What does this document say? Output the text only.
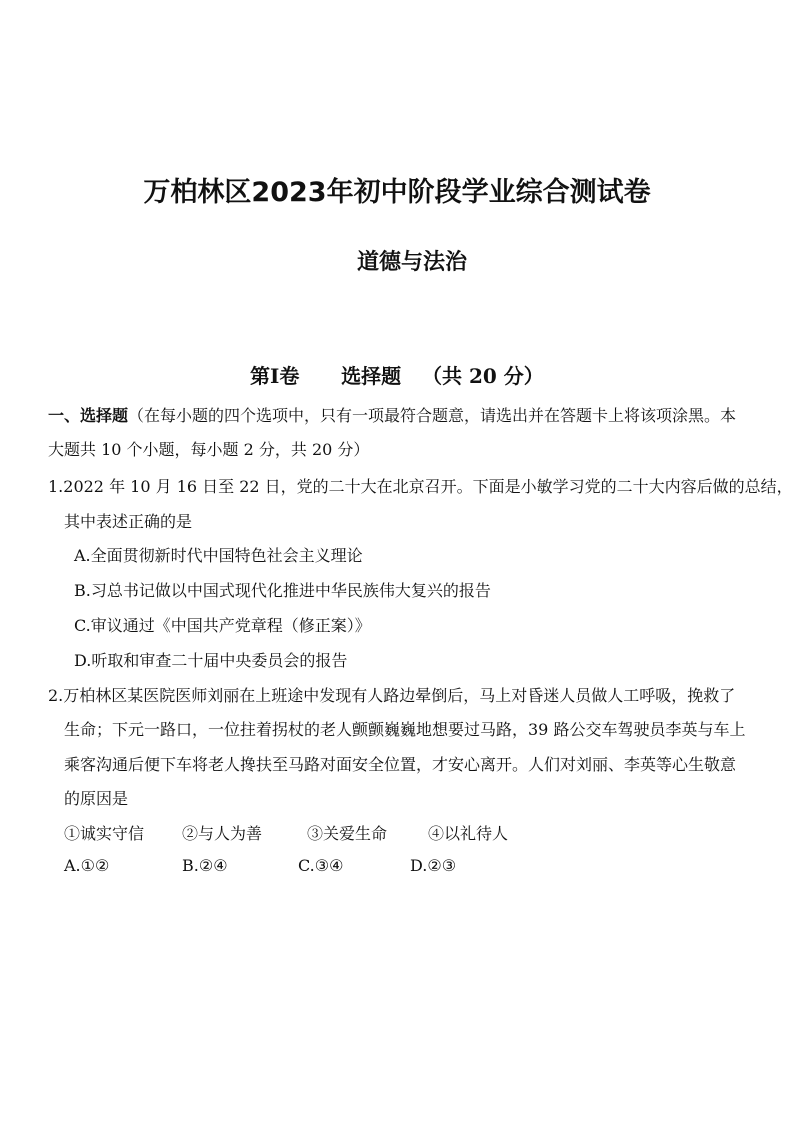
万柏林区2023年初中阶段学业综合测试卷
道德与法治
第Ⅰ卷 选择题 （共 20 分）
一、选择题（在每小题的四个选项中，只有一项最符合题意，请选出并在答题卡上将该项涂黑。本
大题共 10 个小题，每小题 2 分，共 20 分）
1.2022 年 10 月 16 日至 22 日，党的二十大在北京召开。下面是小敏学习党的二十大内容后做的总结，
其中表述正确的是
A.全面贯彻新时代中国特色社会主义理论
B.习总书记做以中国式现代化推进中华民族伟大复兴的报告
C.审议通过《中国共产党章程（修正案）》
D.听取和审查二十届中央委员会的报告
2.万柏林区某医院医师刘丽在上班途中发现有人路边晕倒后，马上对昏迷人员做人工呼吸，挽救了
生命；下元一路口，一位拄着拐杖的老人颤颤巍巍地想要过马路，39 路公交车驾驶员李英与车上
乘客沟通后便下车将老人搀扶至马路对面安全位置，才安心离开。人们对刘丽、李英等心生敬意
的原因是
①诚实守信 ②与人为善	③关爱生命	④以礼待人
A.①②	B.②④	C.③④	D.②③
